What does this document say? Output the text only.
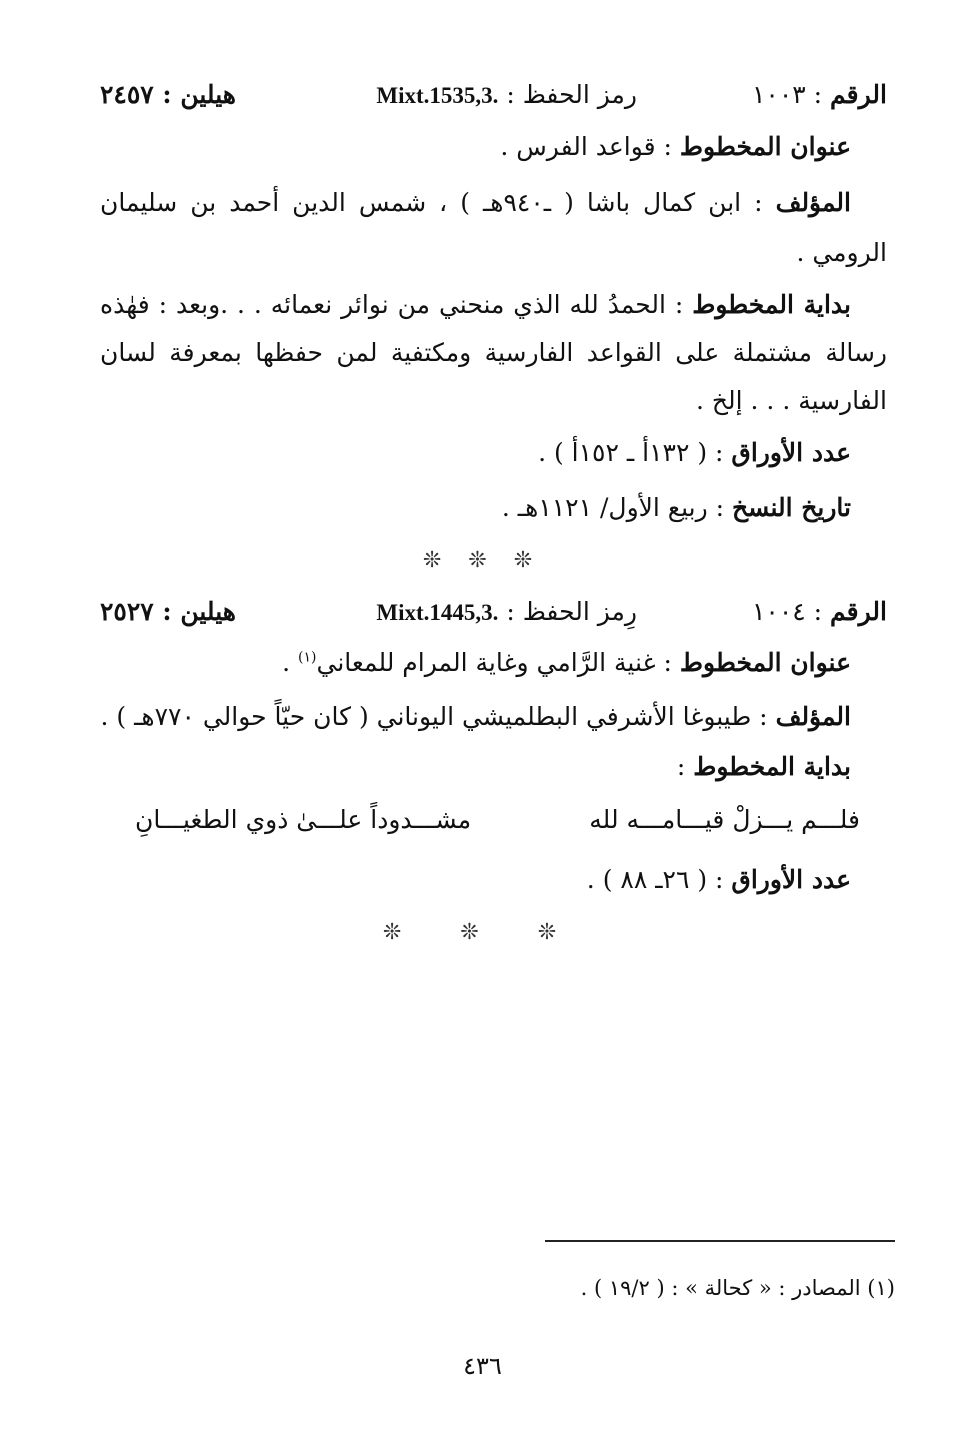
الرقم : ١٠٠٣
رمز الحفظ : Mixt.1535,3.
هيلين : ٢٤٥٧
عنوان المخطوط : قواعد الفرس .
المؤلف : ابن كمال باشا ( ـ٩٤٠هـ ) ، شمس الدين أحمد بن سليمان
الرومي .
بداية المخطوط : الحمدُ لله الذي منحني من نوائر نعمائه . . .وبعد : فهٰذه
رسالة مشتملة على القواعد الفارسية ومكتفية لمن حفظها بمعرفة لسان
الفارسية . . . إلخ .
عدد الأوراق : ( ١٣٢أ ـ ١٥٢أ ) .
تاريخ النسخ : ربيع الأول/ ١١٢١هـ .
❊ ❊ ❊
الرقم : ١٠٠٤
رِمز الحفظ : Mixt.1445,3.
هيلين : ٢٥٢٧
عنوان المخطوط : غنية الرَّامي وغاية المرام للمعاني$^{(١)}$ .
المؤلف : طيبوغا الأشرفي البطلميشي اليوناني ( كان حيّاً حوالي ٧٧٠هـ ) .
بداية المخطوط :
فلـــم يـــزلْ قيـــامـــه لله
مشـــدوداً علـــىٰ ذوي الطغيـــانِ
عدد الأوراق : ( ٢٦ـ ٨٨ ) .
❊ ❊ ❊
(١) المصادر : « كحالة » : ( ١٩/٢ ) .
٤٣٦
